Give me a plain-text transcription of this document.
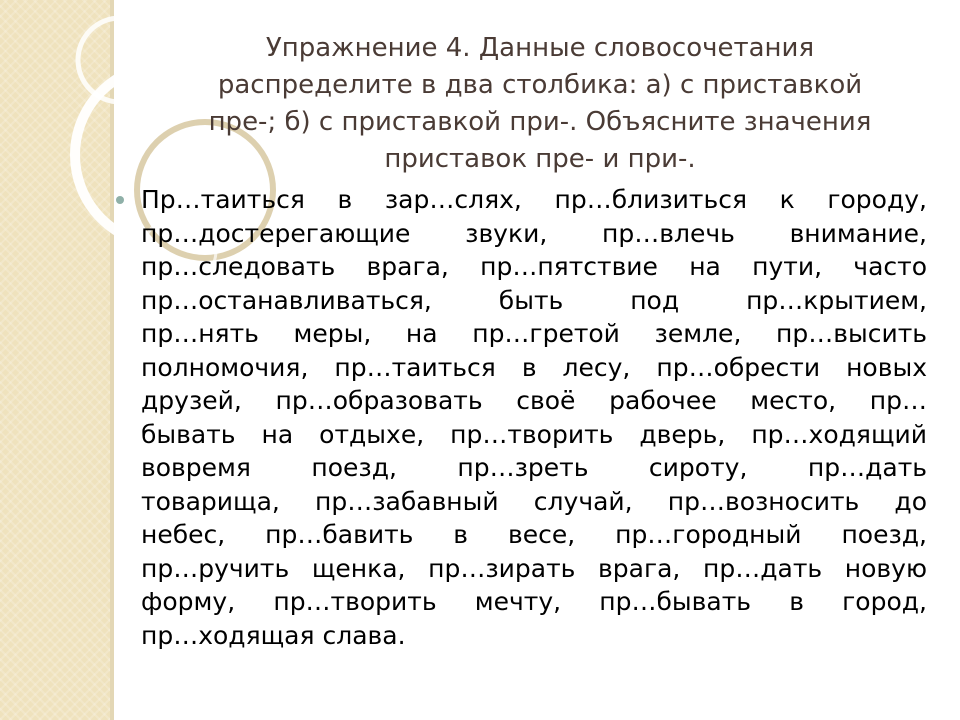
Упражнение 4. Данные словосочетания
распределите в два столбика: а) с приставкой
пре-; б) с приставкой при-. Объясните значения
приставок пре- и при-.
Пр…таиться в зар…слях, пр…близиться к городу,
пр…достерегающие звуки, пр…влечь внимание,
пр…следовать врага, пр…пятствие на пути, часто
пр…останавливаться, быть под пр…крытием,
пр…нять меры, на пр…гретой земле, пр…высить
полномочия, пр…таиться в лесу, пр…обрести новых
друзей, пр…образовать своё рабочее место, пр…
бывать на отдыхе, пр…творить дверь, пр…ходящий
вовремя поезд, пр…зреть сироту, пр…дать
товарища, пр…забавный случай, пр…возносить до
небес, пр…бавить в весе, пр…городный поезд,
пр…ручить щенка, пр…зирать врага, пр…дать новую
форму, пр…творить мечту, пр…бывать в город,
пр…ходящая слава.
